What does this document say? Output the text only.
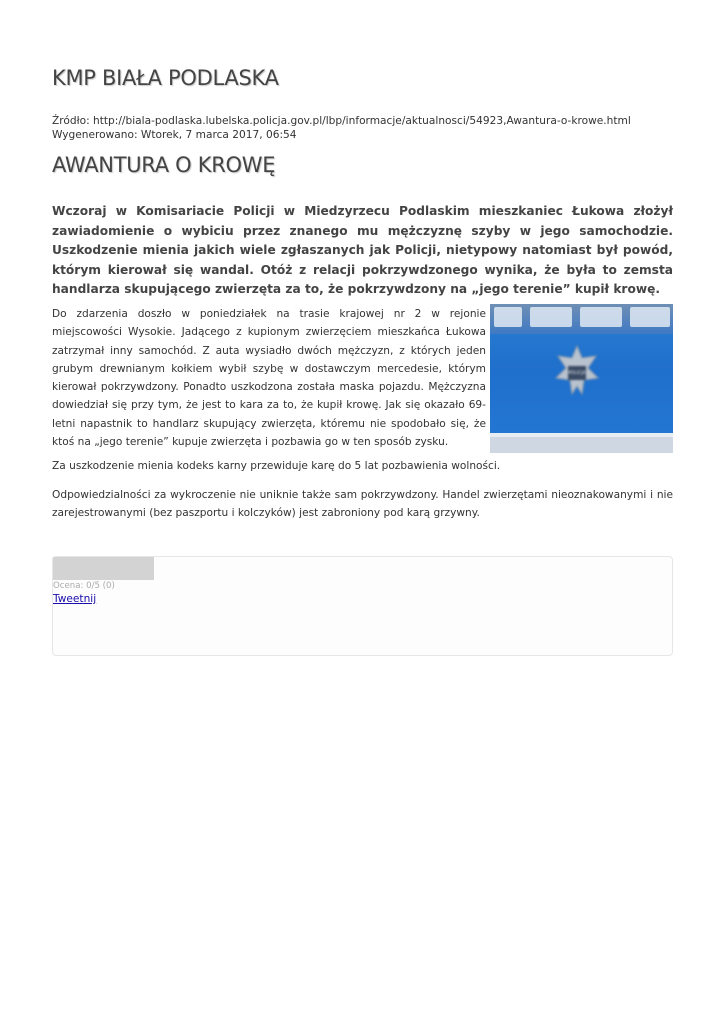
KMP BIAŁA PODLASKA
Źródło: http://biala-podlaska.lubelska.policja.gov.pl/lbp/informacje/aktualnosci/54923,Awantura-o-krowe.html
Wygenerowano: Wtorek, 7 marca 2017, 06:54
AWANTURA O KROWĘ

Wczoraj w Komisariacie Policji w Miedzyrzecu Podlaskim mieszkaniec Łukowa złożył zawiadomienie o wybiciu przez znanego mu mężczyznę szyby w jego samochodzie. Uszkodzenie mienia jakich wiele zgłaszanych jak Policji, nietypowy natomiast był powód, którym kierował się wandal. Otóż z relacji pokrzywdzonego wynika, że była to zemsta handlarza skupującego zwierzęta za to, że pokrzywdzony na „jego terenie” kupił krowę.

POLICJA

Do zdarzenia doszło w poniedziałek na trasie krajowej nr 2 w rejonie miejscowości Wysokie. Jadącego z kupionym zwierzęciem mieszkańca Łukowa zatrzymał inny samochód. Z auta wysiadło dwóch mężczyzn, z których jeden grubym drewnianym kołkiem wybił szybę w dostawczym mercedesie, którym kierował pokrzywdzony. Ponadto uszkodzona została maska pojazdu. Mężczyzna dowiedział się przy tym, że jest to kara za to, że kupił krowę. Jak się okazało 69-letni napastnik to handlarz skupujący zwierzęta, któremu nie spodobało się, że ktoś na „jego terenie” kupuje zwierzęta i pozbawia go w ten sposób zysku.

Za uszkodzenie mienia kodeks karny przewiduje karę do 5 lat pozbawienia wolności.

Odpowiedzialności za wykroczenie nie uniknie także sam pokrzywdzony. Handel zwierzętami nieoznakowanymi i nie zarejestrowanymi (bez paszportu i kolczyków) jest zabroniony pod karą grzywny.

Ocena: 0/5 (0)
Tweetnij
